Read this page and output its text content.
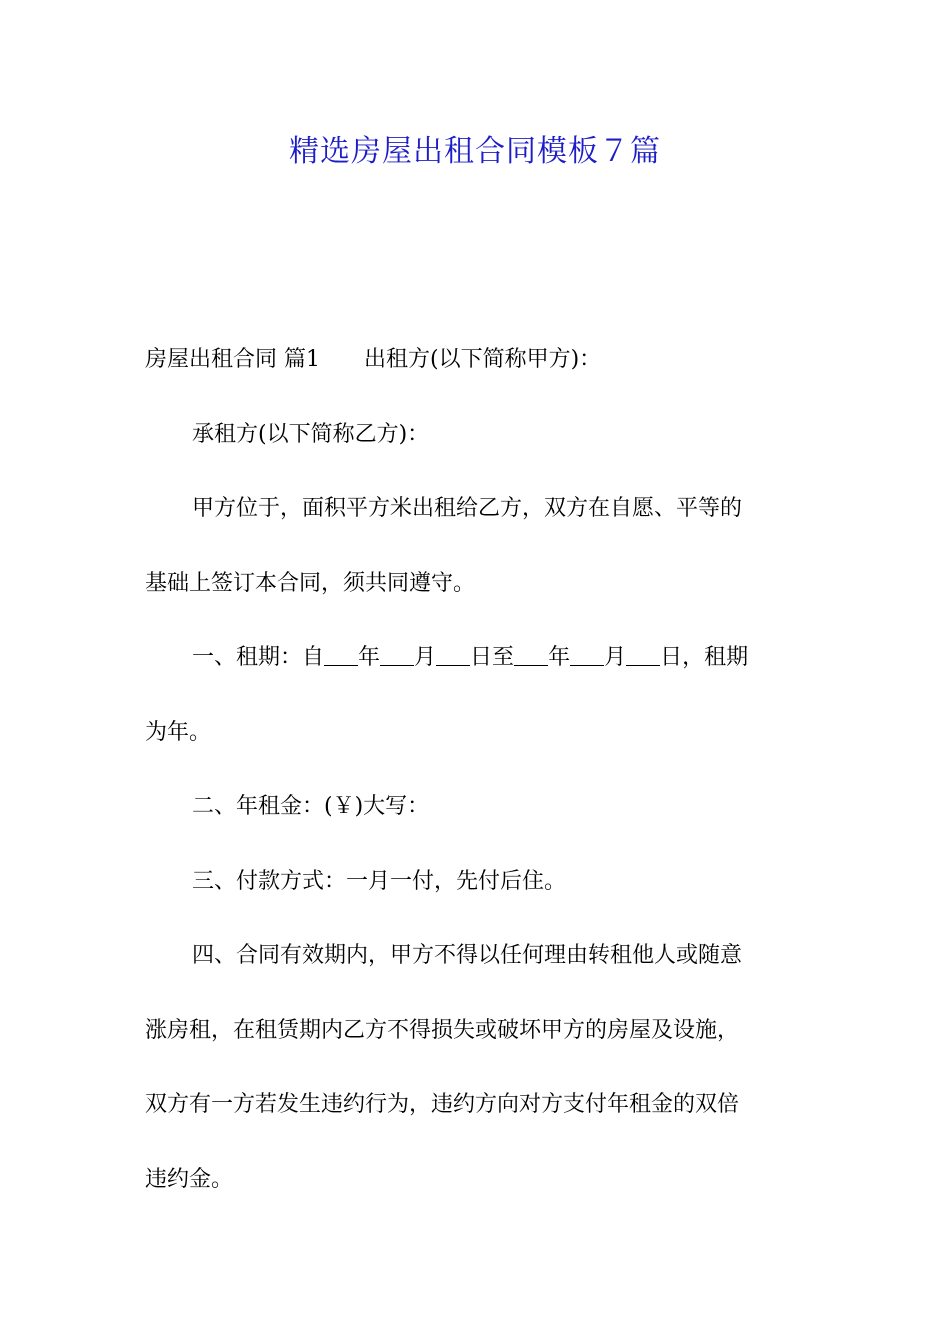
精选房屋出租合同模板７篇
房屋出租合同 篇1 出租方(以下简称甲方)：
承租方(以下简称乙方)：
甲方位于，面积平方米出租给乙方，双方在自愿、平等的
基础上签订本合同，须共同遵守。
一、租期：自 年 月 日至 年 月 日，租期
为年。
二、年租金：(￥)大写：
三、付款方式：一月一付，先付后住。
四、合同有效期内，甲方不得以任何理由转租他人或随意
涨房租，在租赁期内乙方不得损失或破坏甲方的房屋及设施，
双方有一方若发生违约行为，违约方向对方支付年租金的双倍
违约金。
